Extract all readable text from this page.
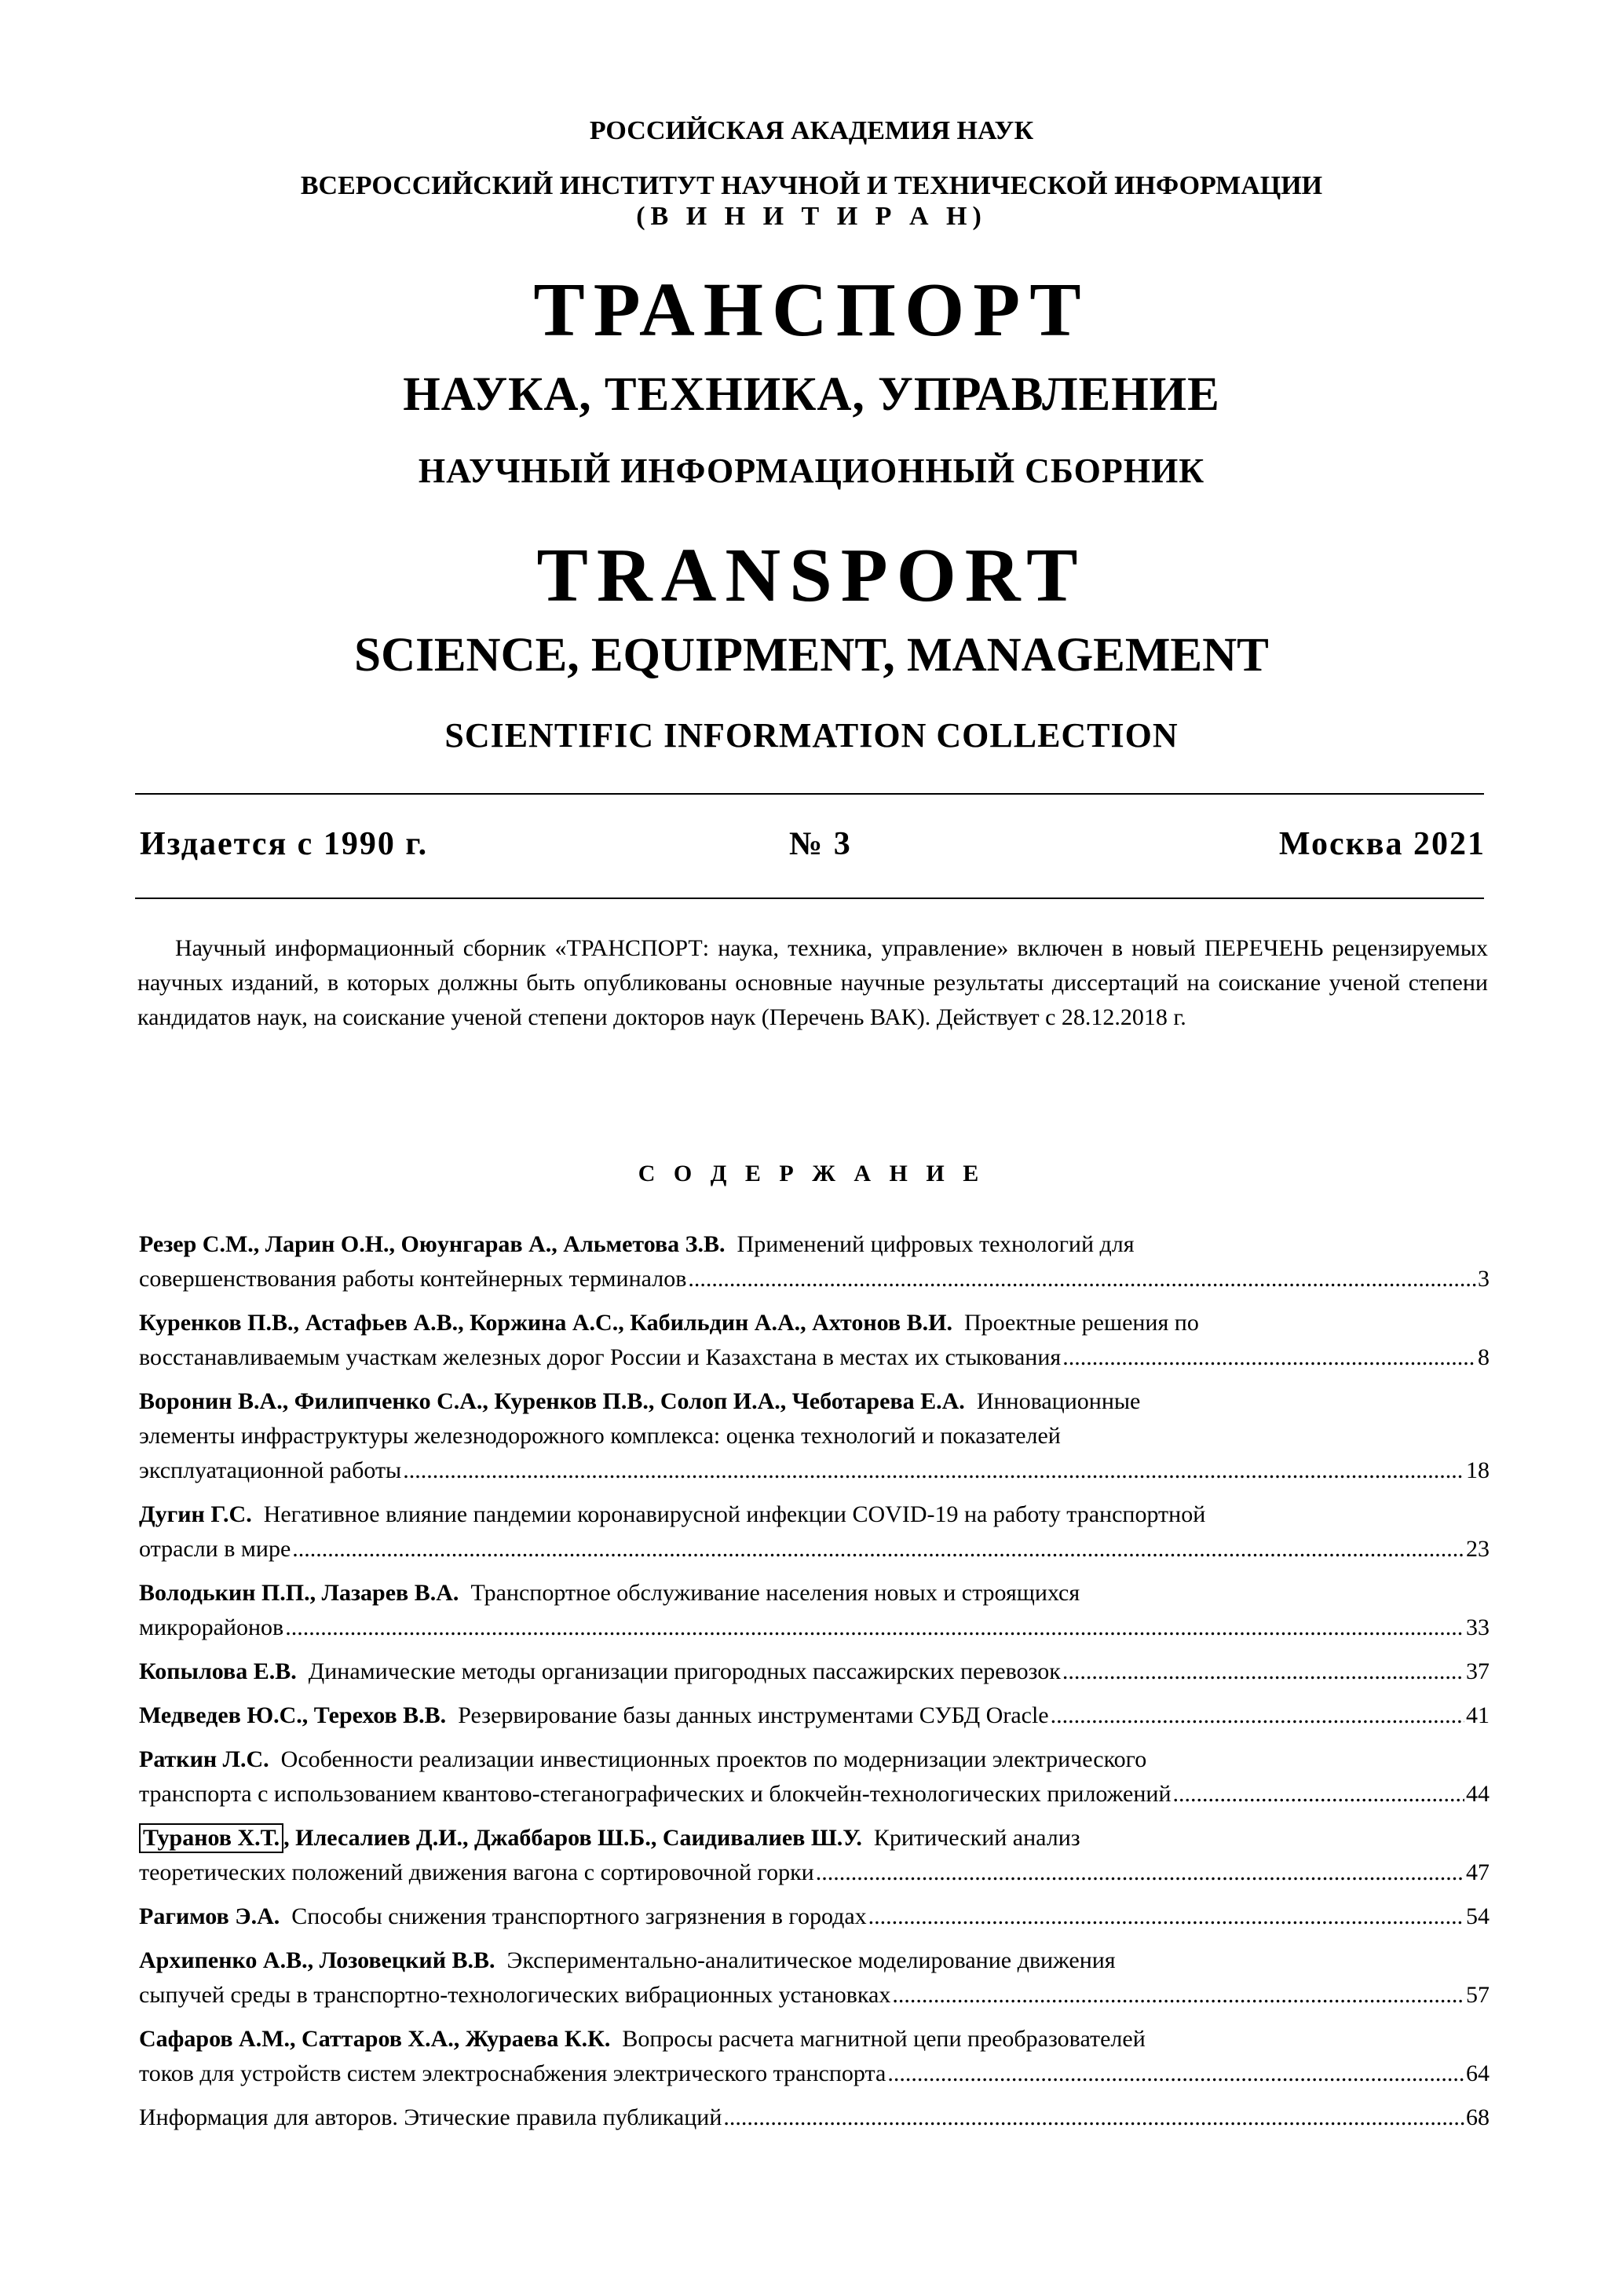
РОССИЙСКАЯ АКАДЕМИЯ НАУК
ВСЕРОССИЙСКИЙ ИНСТИТУТ НАУЧНОЙ И ТЕХНИЧЕСКОЙ ИНФОРМАЦИИ
(В И Н И Т И Р А Н)
ТРАНСПОРТ
НАУКА, ТЕХНИКА, УПРАВЛЕНИЕ
НАУЧНЫЙ ИНФОРМАЦИОННЫЙ СБОРНИК
TRANSPORT
SCIENCE, EQUIPMENT, MANAGEMENT
SCIENTIFIC INFORMATION COLLECTION
Издается с 1990 г.	№ 3	Москва 2021
Научный информационный сборник «ТРАНСПОРТ: наука, техника, управление» включен в новый ПЕРЕЧЕНЬ рецензируемых научных изданий, в которых должны быть опубликованы основные научные результаты диссертаций на соискание ученой степени кандидатов наук, на соискание ученой степени докторов наук (Перечень ВАК). Действует с 28.12.2018 г.
С О Д Е Р Ж А Н И Е
Резер С.М., Ларин О.Н., Оюунгарав А., Альметова З.В. Применений цифровых технологий для
совершенствования работы контейнерных терминалов .....	3
Куренков П.В., Астафьев А.В., Коржина А.С., Кабильдин А.А., Ахтонов В.И. Проектные решения по
восстанавливаемым участкам железных дорог России и Казахстана в местах их стыкования .....	8
Воронин В.А., Филипченко С.А., Куренков П.В., Солоп И.А., Чеботарева Е.А. Инновационные
элементы инфраструктуры железнодорожного комплекса: оценка технологий и показателей
эксплуатационной работы .....	18
Дугин Г.С. Негативное влияние пандемии коронавирусной инфекции COVID-19 на работу транспортной
отрасли в мире .....	23
Володькин П.П., Лазарев В.А. Транспортное обслуживание населения новых и строящихся
микрорайонов .....	33
Копылова Е.В. Динамические методы организации пригородных пассажирских перевозок .....	37
Медведев Ю.С., Терехов В.В. Резервирование базы данных инструментами СУБД Oracle .....	41
Раткин Л.С. Особенности реализации инвестиционных проектов по модернизации электрического
транспорта с использованием квантово-стеганографических и блокчейн-технологических приложений .....	44
Туранов Х.Т. , Илесалиев Д.И., Джаббаров Ш.Б., Саидивалиев Ш.У. Критический анализ
теоретических положений движения вагона с сортировочной горки .....	47
Рагимов Э.А. Способы снижения транспортного загрязнения в городах .....	54
Архипенко А.В., Лозовецкий В.В. Экспериментально-аналитическое моделирование движения
сыпучей среды в транспортно-технологических вибрационных установках .....	57
Сафаров А.М., Саттаров Х.А., Жураева К.К. Вопросы расчета магнитной цепи преобразователей
токов для устройств систем электроснабжения электрического транспорта .....	64
Информация для авторов. Этические правила публикаций .....	68
